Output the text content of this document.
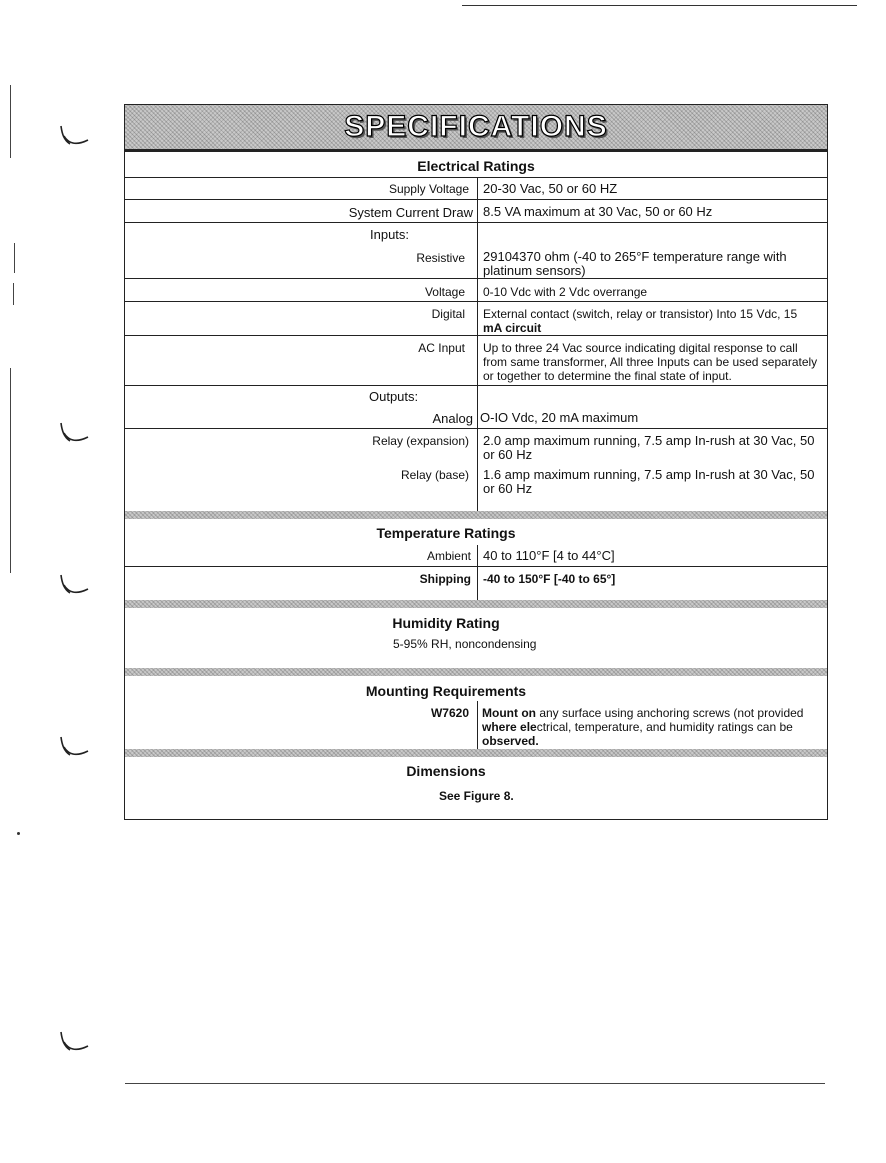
SPECIFICATIONS
Electrical Ratings
Supply Voltage 20-30 Vac, 50 or 60 HZ
System Current Draw 8.5 VA maximum at 30 Vac, 50 or 60 Hz
Inputs:
Resistive 29104370 ohm (-40 to 265°F temperature range with platinum sensors)
Voltage 0-10 Vdc with 2 Vdc overrange
Digital External contact (switch, relay or transistor) Into 15 Vdc, 15
mA circuit
AC Input Up to three 24 Vac source indicating digital response to call from same transformer, All three Inputs can be used separately or together to determine the final state of input.
Outputs:
Analog O-IO Vdc, 20 mA maximum
Relay (expansion) 2.0 amp maximum running, 7.5 amp In-rush at 30 Vac, 50 or 60 Hz
Relay (base) 1.6 amp maximum running, 7.5 amp In-rush at 30 Vac, 50 or 60 Hz
Temperature Ratings
Ambient 40 to 110°F [4 to 44°C]
Shipping -40 to 150°F [-40 to 65°]
Humidity Rating
5-95% RH, noncondensing
Mounting Requirements
W7620 Mount on any surface using anchoring screws (not provided
where electrical, temperature, and humidity ratings can be
observed.
Dimensions
See Figure 8.
